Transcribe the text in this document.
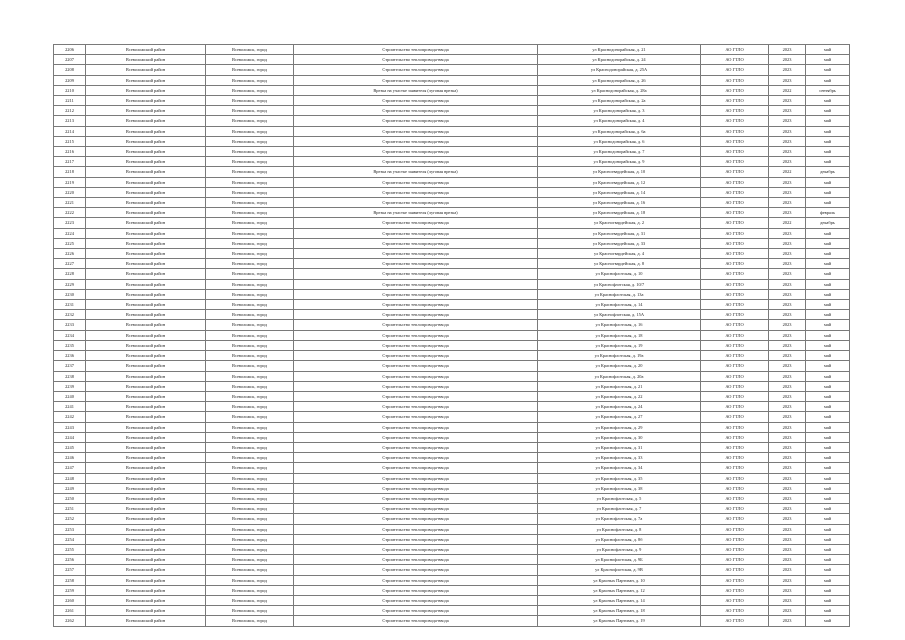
2206	Всеволожский район	Всеволожск, город	Строительство теплопровода-ввода	ул Краснодонорайская, д. 21	АО ГТЛО	2023	май
2207	Всеволожский район	Всеволожск, город	Строительство теплопровода-ввода	ул Краснодонорайская, д. 24	АО ГТЛО	2023	май
2208	Всеволожский район	Всеволожск, город	Строительство теплопровода-ввода	ул Краснодонорайская, д. 25А	АО ГТЛО	2023	май
2209	Всеволожский район	Всеволожск, город	Строительство теплопровода-ввода	ул Краснодонорайская, д. 26	АО ГТЛО	2023	май
2210	Всеволожский район	Всеволожск, город	Врезка на участке заявителя (луговая врезка)	ул Краснодонорайская, д. 28а	АО ГТЛО	2022	сентябрь
2211	Всеволожский район	Всеволожск, город	Строительство теплопровода-ввода	ул Краснодонорайская, д. 2а	АО ГТЛО	2023	май
2212	Всеволожский район	Всеволожск, город	Строительство теплопровода-ввода	ул Краснодонорайская, д. 3	АО ГТЛО	2023	май
2213	Всеволожский район	Всеволожск, город	Строительство теплопровода-ввода	ул Краснодонорайская, д. 4	АО ГТЛО	2023	май
2214	Всеволожский район	Всеволожск, город	Строительство теплопровода-ввода	ул Краснодонорайская, д. 6а	АО ГТЛО	2023	май
2215	Всеволожский район	Всеволожск, город	Строительство теплопровода-ввода	ул Краснодонорайская, д. 6	АО ГТЛО	2023	май
2216	Всеволожский район	Всеволожск, город	Строительство теплопровода-ввода	ул Краснодонорайская, д. 7	АО ГТЛО	2023	май
2217	Всеволожский район	Всеволожск, город	Строительство теплопровода-ввода	ул Краснодонорайская, д. 9	АО ГТЛО	2023	май
2218	Всеволожский район	Всеволожск, город	Врезка на участке заявителя (луговая врезка)	ул Красногвардейская, д. 10	АО ГТЛО	2022	декабрь
2219	Всеволожский район	Всеволожск, город	Строительство теплопровода-ввода	ул Красногвардейская, д. 12	АО ГТЛО	2023	май
2220	Всеволожский район	Всеволожск, город	Строительство теплопровода-ввода	ул Красногвардейская, д. 14	АО ГТЛО	2023	май
2221	Всеволожский район	Всеволожск, город	Строительство теплопровода-ввода	ул Красногвардейская, д. 16	АО ГТЛО	2023	май
2222	Всеволожский район	Всеволожск, город	Врезка на участке заявителя (луговая врезка)	ул Красногвардейская, д. 18	АО ГТЛО	2023	февраль
2223	Всеволожский район	Всеволожск, город	Строительство теплопровода-ввода	ул Красногвардейская, д. 2	АО ГТЛО	2022	декабрь
2224	Всеволожский район	Всеволожск, город	Строительство теплопровода-ввода	ул Красногвардейская, д. 31	АО ГТЛО	2023	май
2225	Всеволожский район	Всеволожск, город	Строительство теплопровода-ввода	ул Красногвардейская, д. 33	АО ГТЛО	2023	май
2226	Всеволожский район	Всеволожск, город	Строительство теплопровода-ввода	ул Красногвардейская, д. 4	АО ГТЛО	2023	май
2227	Всеволожский район	Всеволожск, город	Строительство теплопровода-ввода	ул Красногвардейская, д. 8	АО ГТЛО	2023	май
2228	Всеволожский район	Всеволожск, город	Строительство теплопровода-ввода	ул Краснофлотская, д. 10	АО ГТЛО	2023	май
2229	Всеволожский район	Всеволожск, город	Строительство теплопровода-ввода	ул Краснофлотская, д. 10/7	АО ГТЛО	2023	май
2230	Всеволожский район	Всеволожск, город	Строительство теплопровода-ввода	ул Краснофлотская, д. 13а	АО ГТЛО	2023	май
2231	Всеволожский район	Всеволожск, город	Строительство теплопровода-ввода	ул Краснофлотская, д. 14	АО ГТЛО	2023	май
2232	Всеволожский район	Всеволожск, город	Строительство теплопровода-ввода	ул Краснофлотская, д. 15А	АО ГТЛО	2023	май
2233	Всеволожский район	Всеволожск, город	Строительство теплопровода-ввода	ул Краснофлотская, д. 16	АО ГТЛО	2023	май
2234	Всеволожский район	Всеволожск, город	Строительство теплопровода-ввода	ул Краснофлотская, д. 18	АО ГТЛО	2023	май
2235	Всеволожский район	Всеволожск, город	Строительство теплопровода-ввода	ул Краснофлотская, д. 19	АО ГТЛО	2023	май
2236	Всеволожский район	Всеволожск, город	Строительство теплопровода-ввода	ул Краснофлотская, д. 19а	АО ГТЛО	2023	май
2237	Всеволожский район	Всеволожск, город	Строительство теплопровода-ввода	ул Краснофлотская, д. 20	АО ГТЛО	2023	май
2238	Всеволожский район	Всеволожск, город	Строительство теплопровода-ввода	ул Краснофлотская, д. 20а	АО ГТЛО	2023	май
2239	Всеволожский район	Всеволожск, город	Строительство теплопровода-ввода	ул Краснофлотская, д. 21	АО ГТЛО	2023	май
2240	Всеволожский район	Всеволожск, город	Строительство теплопровода-ввода	ул Краснофлотская, д. 22	АО ГТЛО	2023	май
2241	Всеволожский район	Всеволожск, город	Строительство теплопровода-ввода	ул Краснофлотская, д. 24	АО ГТЛО	2023	май
2242	Всеволожский район	Всеволожск, город	Строительство теплопровода-ввода	ул Краснофлотская, д. 27	АО ГТЛО	2023	май
2243	Всеволожский район	Всеволожск, город	Строительство теплопровода-ввода	ул Краснофлотская, д. 29	АО ГТЛО	2023	май
2244	Всеволожский район	Всеволожск, город	Строительство теплопровода-ввода	ул Краснофлотская, д. 30	АО ГТЛО	2023	май
2245	Всеволожский район	Всеволожск, город	Строительство теплопровода-ввода	ул Краснофлотская, д. 31	АО ГТЛО	2023	май
2246	Всеволожский район	Всеволожск, город	Строительство теплопровода-ввода	ул Краснофлотская, д. 33	АО ГТЛО	2023	май
2247	Всеволожский район	Всеволожск, город	Строительство теплопровода-ввода	ул Краснофлотская, д. 34	АО ГТЛО	2023	май
2248	Всеволожский район	Всеволожск, город	Строительство теплопровода-ввода	ул Краснофлотская, д. 35	АО ГТЛО	2023	май
2249	Всеволожский район	Всеволожск, город	Строительство теплопровода-ввода	ул Краснофлотская, д. 38	АО ГТЛО	2023	май
2250	Всеволожский район	Всеволожск, город	Строительство теплопровода-ввода	ул Краснофлотская, д. 5	АО ГТЛО	2023	май
2251	Всеволожский район	Всеволожск, город	Строительство теплопровода-ввода	ул Краснофлотская, д. 7	АО ГТЛО	2023	май
2252	Всеволожский район	Всеволожск, город	Строительство теплопровода-ввода	ул Краснофлотская, д. 7а	АО ГТЛО	2023	май
2253	Всеволожский район	Всеволожск, город	Строительство теплопровода-ввода	ул Краснофлотская, д. 8	АО ГТЛО	2023	май
2254	Всеволожский район	Всеволожск, город	Строительство теплопровода-ввода	ул Краснофлотская, д. 8б	АО ГТЛО	2023	май
2255	Всеволожский район	Всеволожск, город	Строительство теплопровода-ввода	ул Краснофлотская, д. 9	АО ГТЛО	2023	май
2256	Всеволожский район	Всеволожск, город	Строительство теплопровода-ввода	ул Краснофлотская, д. 9Б	АО ГТЛО	2023	май
2257	Всеволожский район	Всеволожск, город	Строительство теплопровода-ввода	ул Краснофлотская, д. 9В	АО ГТЛО	2023	май
2258	Всеволожский район	Всеволожск, город	Строительство теплопровода-ввода	ул Красных Партизан, д. 10	АО ГТЛО	2023	май
2259	Всеволожский район	Всеволожск, город	Строительство теплопровода-ввода	ул Красных Партизан, д. 12	АО ГТЛО	2023	май
2260	Всеволожский район	Всеволожск, город	Строительство теплопровода-ввода	ул Красных Партизан, д. 14	АО ГТЛО	2023	май
2261	Всеволожский район	Всеволожск, город	Строительство теплопровода-ввода	ул Красных Партизан, д. 18	АО ГТЛО	2023	май
2262	Всеволожский район	Всеволожск, город	Строительство теплопровода-ввода	ул Красных Партизан, д. 19	АО ГТЛО	2023	май
